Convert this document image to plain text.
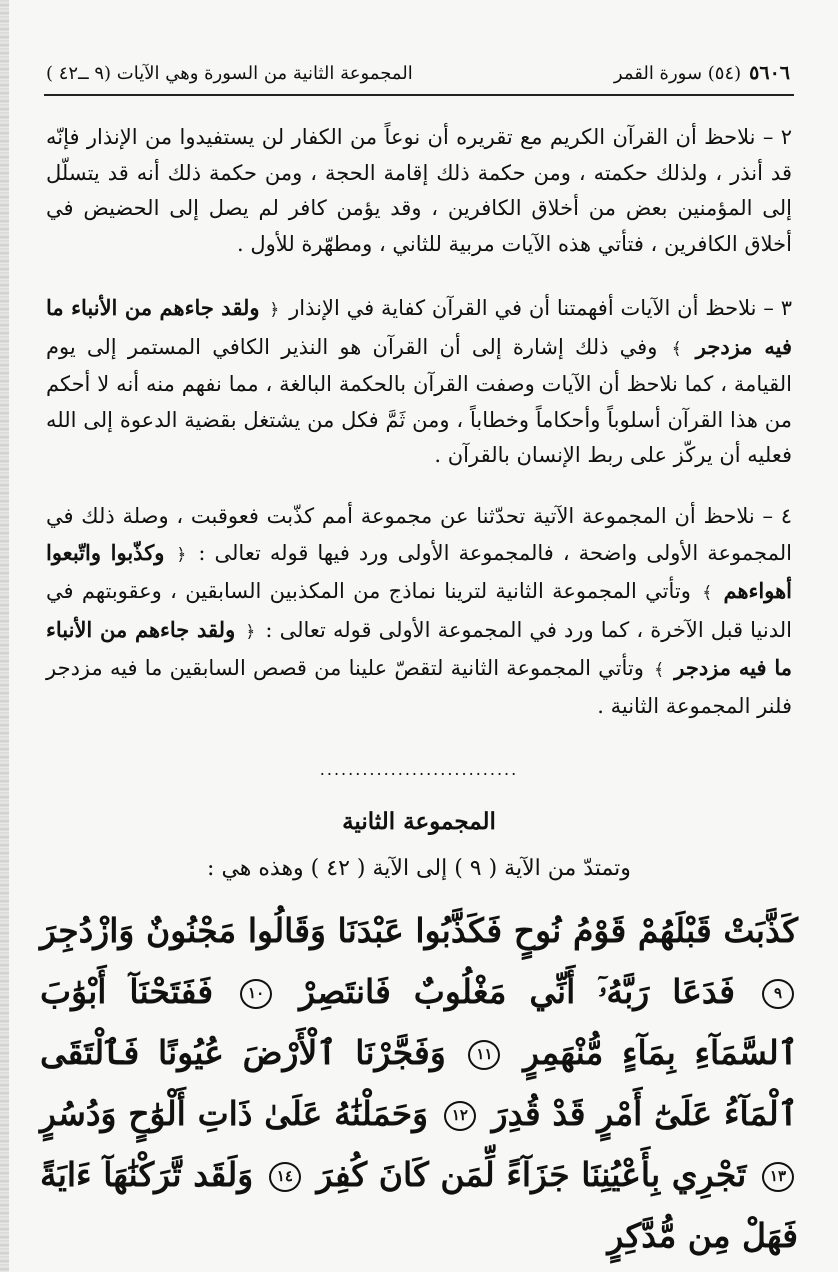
٥٦٠٦
(٥٤) سورة القمر
المجموعة الثانية من السورة وهي الآيات (٩ ــ٤٢ )
٢ – نلاحظ أن القرآن الكريم مع تقريره أن نوعاً من الكفار لن يستفيدوا من الإنذار فإنّه قد أنذر ، ولذلك حكمته ، ومن حكمة ذلك إقامة الحجة ، ومن حكمة ذلك أنه قد يتسلّل إلى المؤمنين بعض من أخلاق الكافرين ، وقد يؤمن كافر لم يصل إلى الحضيض في أخلاق الكافرين ، فتأتي هذه الآيات مربية للثاني ، ومطهّرة للأول .
٣ – نلاحظ أن الآيات أفهمتنا أن في القرآن كفاية في الإنذار ﴿ ولقد جاءهم من الأنباء ما فيه مزدجر ﴾ وفي ذلك إشارة إلى أن القرآن هو النذير الكافي المستمر إلى يوم القيامة ، كما نلاحظ أن الآيات وصفت القرآن بالحكمة البالغة ، مما نفهم منه أنه لا أحكم من هذا القرآن أسلوباً وأحكاماً وخطاباً ، ومن ثَمَّ فكل من يشتغل بقضية الدعوة إلى الله فعليه أن يركّز على ربط الإنسان بالقرآن .
٤ – نلاحظ أن المجموعة الآتية تحدّثنا عن مجموعة أمم كذّبت فعوقبت ، وصلة ذلك في المجموعة الأولى واضحة ، فالمجموعة الأولى ورد فيها قوله تعالى : ﴿ وكذّبوا واتّبعوا أهواءهم ﴾ وتأتي المجموعة الثانية لترينا نماذج من المكذبين السابقين ، وعقوبتهم في الدنيا قبل الآخرة ، كما ورد في المجموعة الأولى قوله تعالى : ﴿ ولقد جاءهم من الأنباء ما فيه مزدجر ﴾ وتأتي المجموعة الثانية لتقصّ علينا من قصص السابقين ما فيه مزدجر فلنر المجموعة الثانية .
............................
المجموعة الثانية
وتمتدّ من الآية ( ٩ ) إلى الآية ( ٤٢ ) وهذه هي :
كَذَّبَتْ قَبْلَهُمْ قَوْمُ نُوحٍ فَكَذَّبُوا عَبْدَنَا وَقَالُوا مَجْنُونٌ وَازْدُجِرَ ٩ فَدَعَا رَبَّهُۥٓ أَنِّي مَغْلُوبٌ فَانتَصِرْ ١٠ فَفَتَحْنَآ أَبْوَٰبَ ٱلسَّمَآءِ بِمَآءٍ مُّنْهَمِرٍ ١١ وَفَجَّرْنَا ٱلْأَرْضَ عُيُونًا فَٱلْتَقَى ٱلْمَآءُ عَلَىٰٓ أَمْرٍ قَدْ قُدِرَ ١٢ وَحَمَلْنَٰهُ عَلَىٰ ذَاتِ أَلْوَٰحٍ وَدُسُرٍ ١٣ تَجْرِي بِأَعْيُنِنَا جَزَآءً لِّمَن كَانَ كُفِرَ ١٤ وَلَقَد تَّرَكْنَٰهَآ ءَايَةً فَهَلْ مِن مُّدَّكِرٍ
